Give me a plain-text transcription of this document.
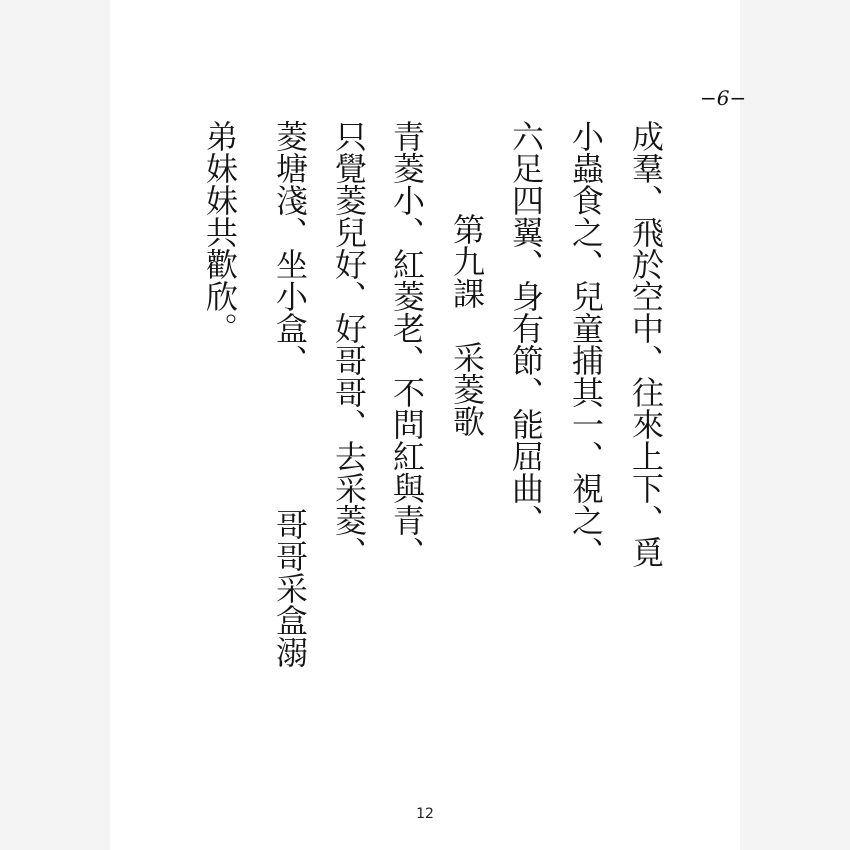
−6−
成羣、飛於空中、往來上下、覓
小蟲食之、兒童捕其一、視之、
六足四翼、身有節、能屈曲、
第九課　采菱歌
青菱小、紅菱老、不問紅與青、
只覺菱兒好、好哥哥、去采菱、
菱塘淺、坐小盒、
弟妹妹共歡欣。
哥哥采盒溺
12
